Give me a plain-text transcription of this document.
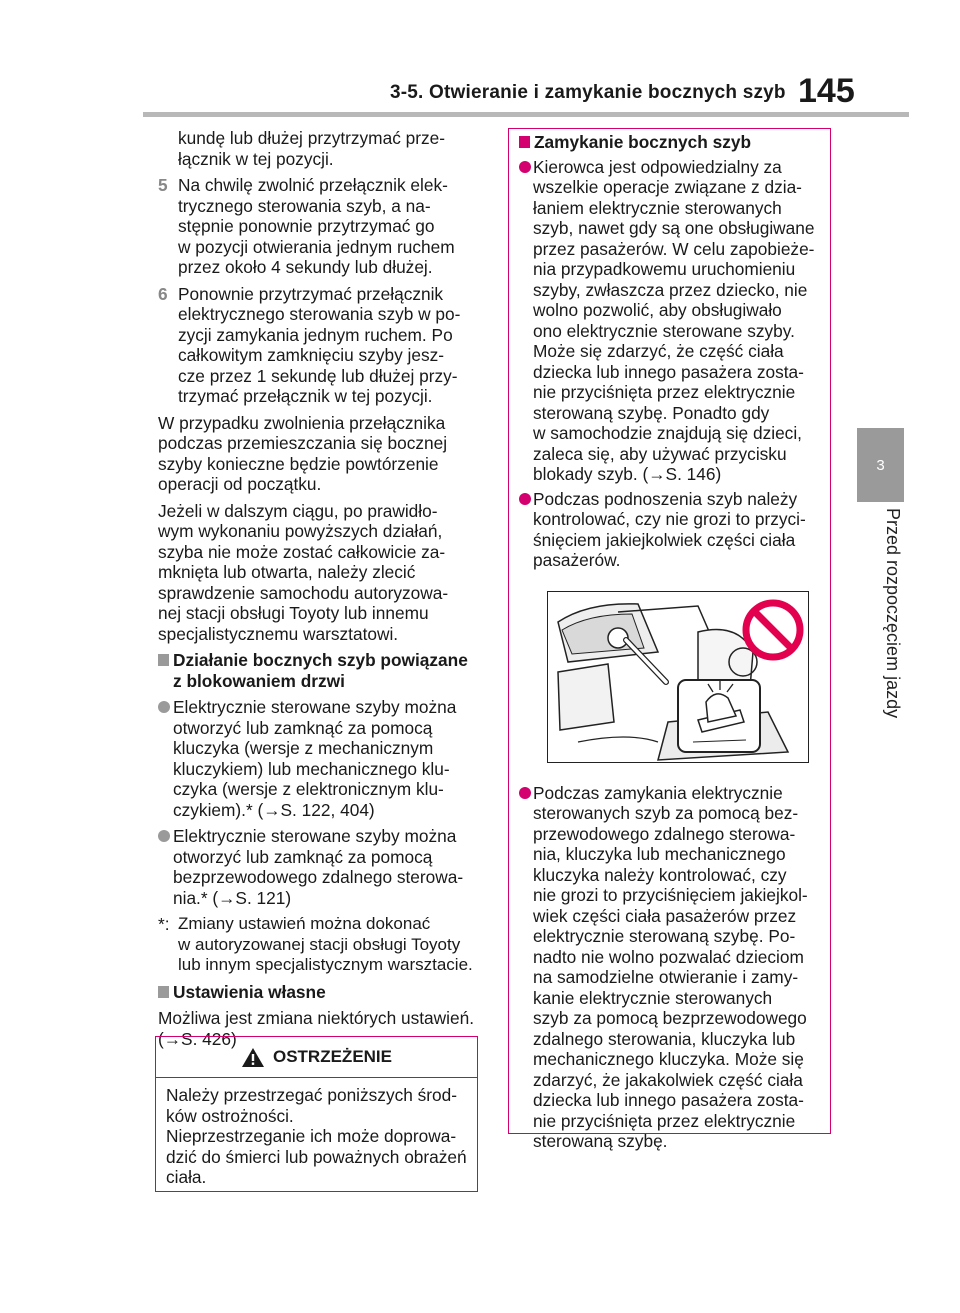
3-5. Otwieranie i zamykanie bocznych szyb 145
3
Przed rozpoczęciem jazdy

kundę lub dłużej przytrzymać prze-
łącznik w tej pozycji.

5 Na chwilę zwolnić przełącznik elek-
trycznego sterowania szyb, a na-
stępnie ponownie przytrzymać go
w pozycji otwierania jednym ruchem
przez około 4 sekundy lub dłużej.
6 Ponownie przytrzymać przełącznik
elektrycznego sterowania szyb w po-
zycji zamykania jednym ruchem. Po
całkowitym zamknięciu szyby jesz-
cze przez 1 sekundę lub dłużej przy-
trzymać przełącznik w tej pozycji.

W przypadku zwolnienia przełącznika
podczas przemieszczania się bocznej
szyby konieczne będzie powtórzenie
operacji od początku.

Jeżeli w dalszym ciągu, po prawidło-
wym wykonaniu powyższych działań,
szyba nie może zostać całkowicie za-
mknięta lub otwarta, należy zlecić
sprawdzenie samochodu autoryzowa-
nej stacji obsługi Toyoty lub innemu
specjalistycznemu warsztatowi.

Działanie bocznych szyb powiązane
z blokowaniem drzwi
Elektrycznie sterowane szyby można
otworzyć lub zamknąć za pomocą
kluczyka (wersje z mechanicznym
kluczykiem) lub mechanicznego klu-
czyka (wersje z elektronicznym klu-
czykiem).* (→S. 122, 404)
Elektrycznie sterowane szyby można
otworzyć lub zamknąć za pomocą
bezprzewodowego zdalnego sterowa-
nia.* (→S. 121)
*: Zmiany ustawień można dokonać
w autoryzowanej stacji obsługi Toyoty
lub innym specjalistycznym warsztacie.
Ustawienia własne

Możliwa jest zmiana niektórych ustawień.
(→S. 426)

OSTRZEŻENIE
Należy przestrzegać poniższych środ-
ków ostrożności.
Nieprzestrzeganie ich może doprowa-
dzić do śmierci lub poważnych obrażeń
ciała.
Zamykanie bocznych szyb
Kierowca jest odpowiedzialny za
wszelkie operacje związane z dzia-
łaniem elektrycznie sterowanych
szyb, nawet gdy są one obsługiwane
przez pasażerów. W celu zapobieże-
nia przypadkowemu uruchomieniu
szyby, zwłaszcza przez dziecko, nie
wolno pozwolić, aby obsługiwało
ono elektrycznie sterowane szyby.
Może się zdarzyć, że część ciała
dziecka lub innego pasażera zosta-
nie przyciśnięta przez elektrycznie
sterowaną szybę. Ponadto gdy
w samochodzie znajdują się dzieci,
zaleca się, aby używać przycisku
blokady szyb. (→S. 146)
Podczas podnoszenia szyb należy
kontrolować, czy nie grozi to przyci-
śnięciem jakiejkolwiek części ciała
pasażerów.
Podczas zamykania elektrycznie
sterowanych szyb za pomocą bez-
przewodowego zdalnego sterowa-
nia, kluczyka lub mechanicznego
kluczyka należy kontrolować, czy
nie grozi to przyciśnięciem jakiejkol-
wiek części ciała pasażerów przez
elektrycznie sterowaną szybę. Po-
nadto nie wolno pozwalać dzieciom
na samodzielne otwieranie i zamy-
kanie elektrycznie sterowanych
szyb za pomocą bezprzewodowego
zdalnego sterowania, kluczyka lub
mechanicznego kluczyka. Może się
zdarzyć, że jakakolwiek część ciała
dziecka lub innego pasażera zosta-
nie przyciśnięta przez elektrycznie
sterowaną szybę.
